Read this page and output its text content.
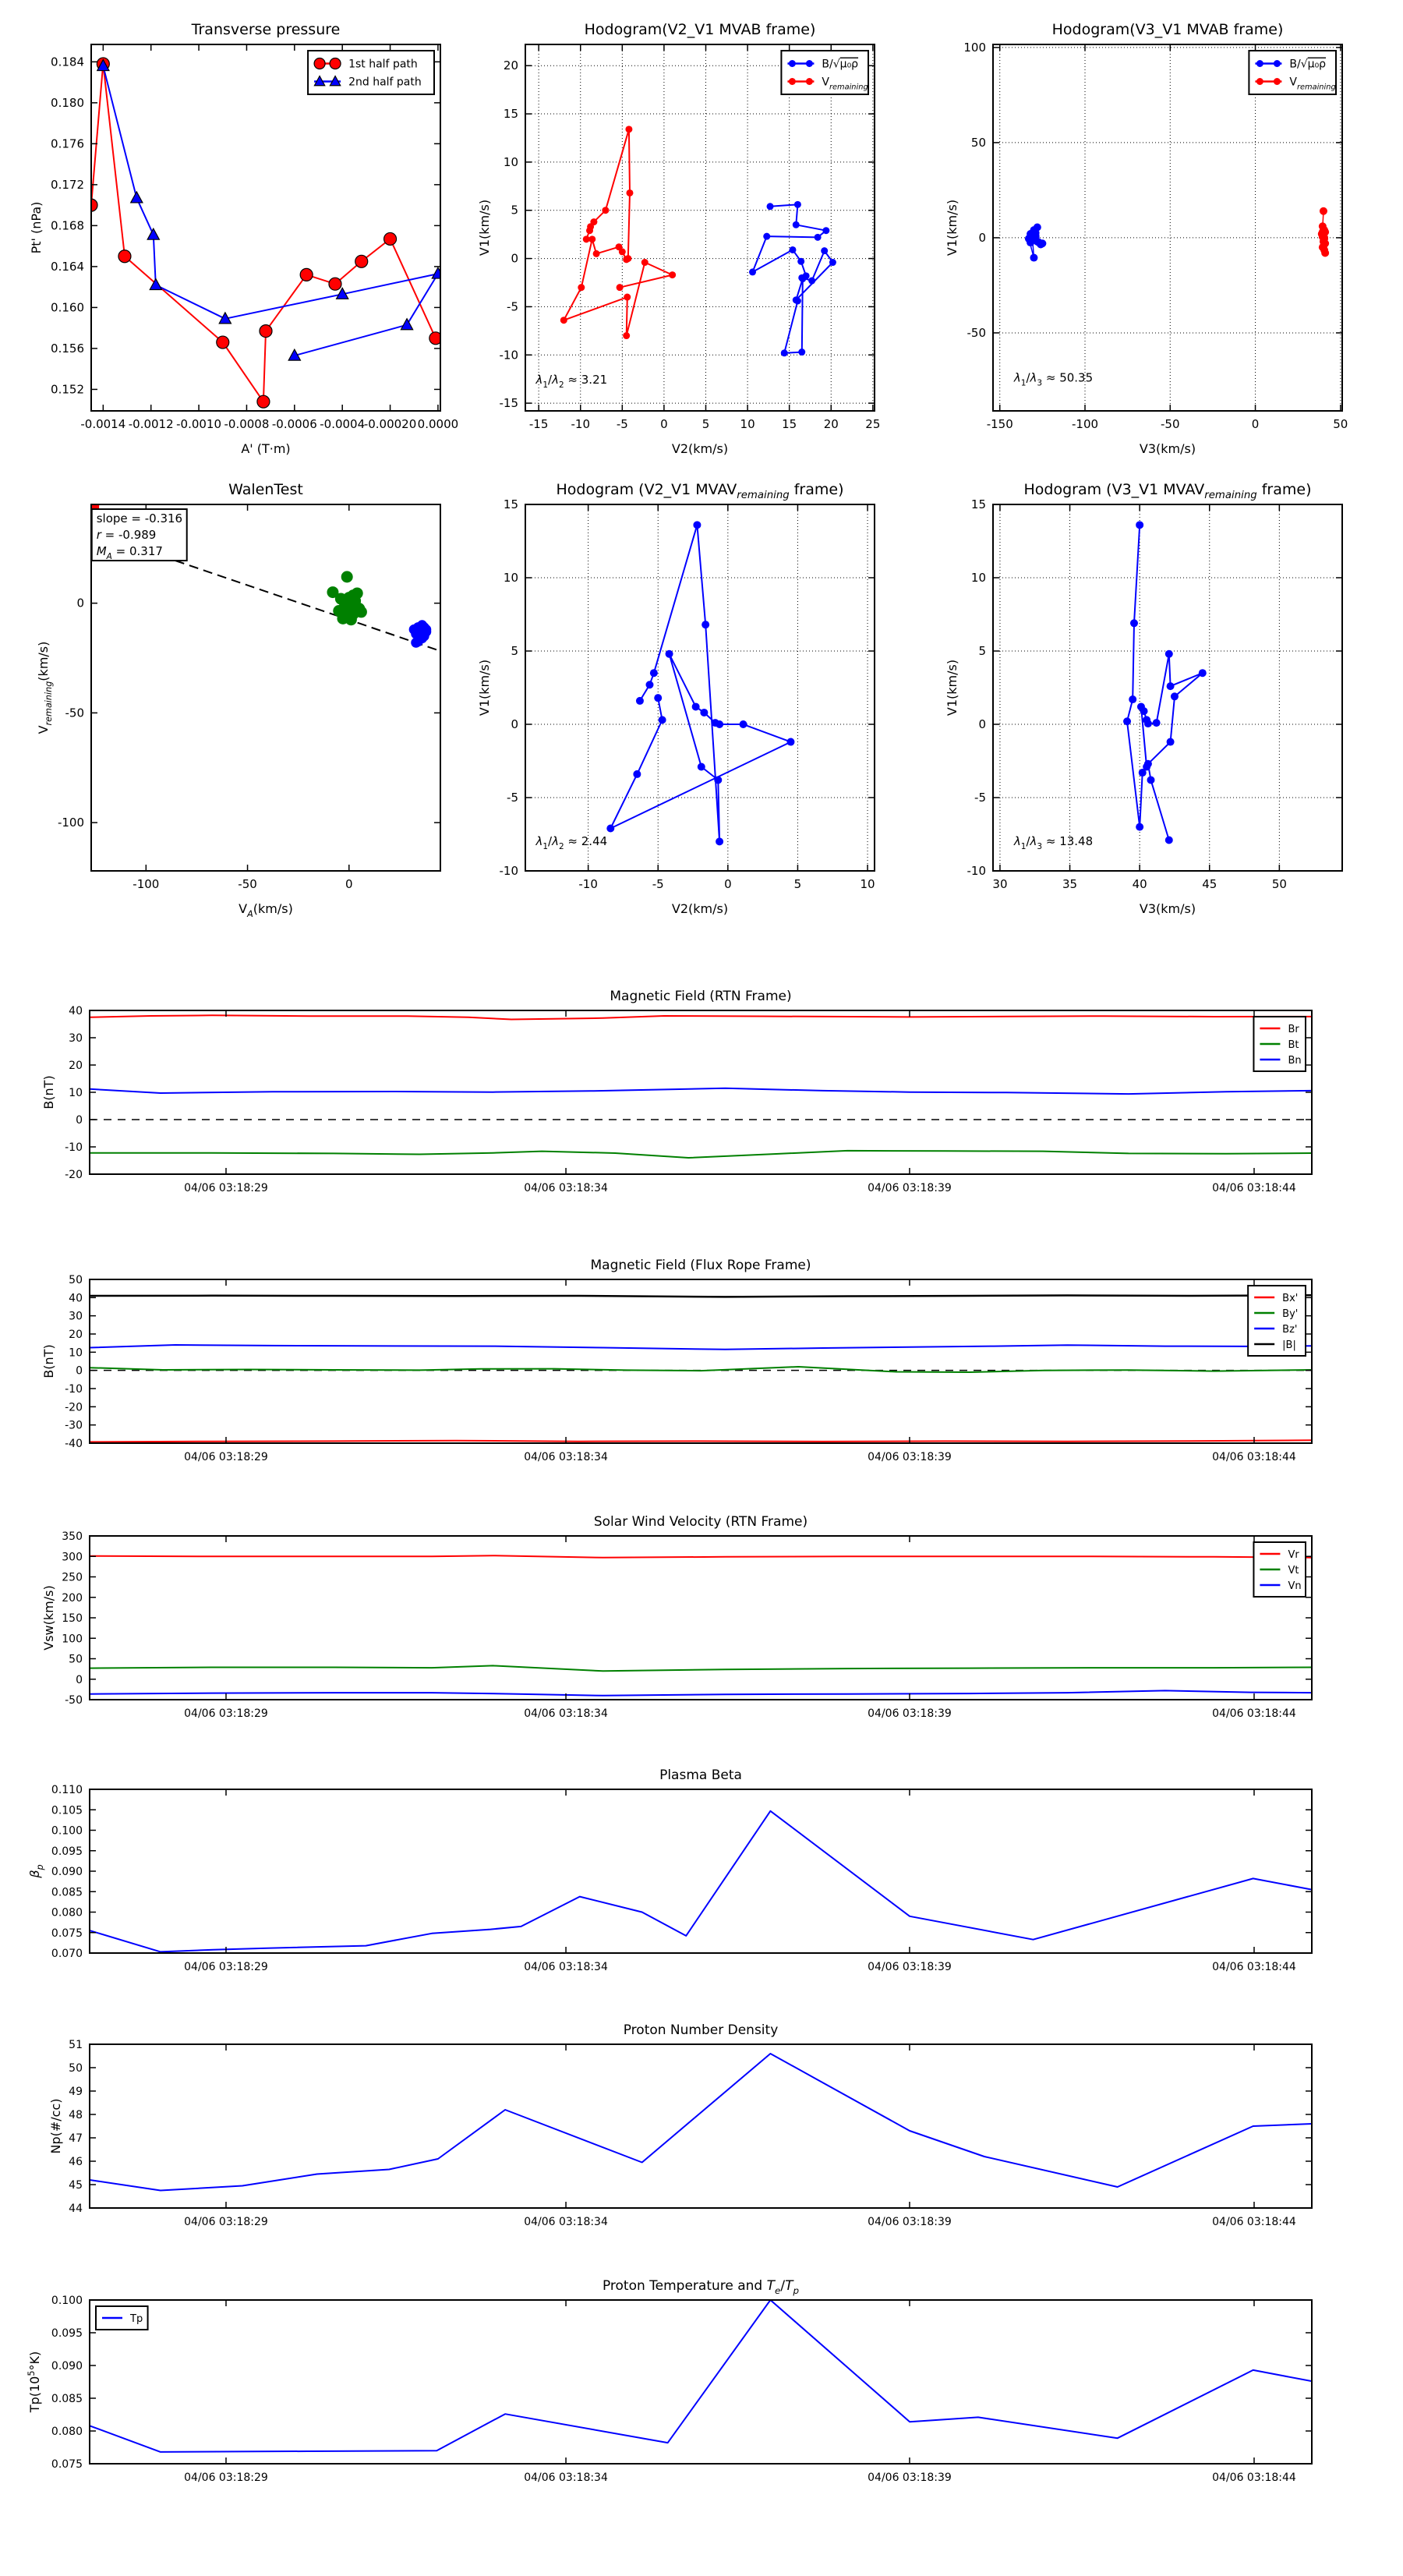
-0.0014 -0.0012 -0.0010 -0.0008 -0.0006 -0.0004
-0.00020 0.0000
0.152
0.156
0.160
0.164
0.168
0.172
0.176
0.180
0.184
A' (T·m)
Pt' (nPa)
Transverse pressure
1st half path
2nd half path
-15 -10 -5	0	5	10 15 20 25
-15
-10
-5
0
5
10
15
20
V2(km/s)
V1(km/s)
Hodogram(V2_V1 MVAB frame)
$\lambda_1/\lambda_2 \approx 3.21$
B/√μ₀ρ
$V_{remaining}$
-150	-100	-50	0	50
-50
0
50
100
V3(km/s)
V1(km/s)
Hodogram(V3_V1 MVAB frame)
$\lambda_1/\lambda_3 \approx 50.35$
B/√μ₀ρ
$V_{remaining}$
-100	-50	0
0
-50
-100
$V_A(km/s)$
$V_{remaining}(km/s)$
WalenTest
slope = -0.316
r = -0.989
$M_A = 0.317$
-10	-5	0	5	10
-10
-5
0
5
10
15
V2(km/s)
V1(km/s)
Hodogram (V2_V1 $MVAV_{remaining}$ frame)
$\lambda_1/\lambda_2 \approx 2.44$
30	35	40	45	50
-10
-5
0
5
10
15
V3(km/s)
V1(km/s)
Hodogram (V3_V1 $MVAV_{remaining}$ frame)
$\lambda_1/\lambda_3 \approx 13.48$
04/06 03:18:29	04/06 03:18:34	04/06 03:18:39	04/06 03:18:44
-20
-10
0
10
20
30
40
B(nT)
Magnetic Field (RTN Frame)
Br
Bt
Bn
04/06 03:18:29	04/06 03:18:34	04/06 03:18:39	04/06 03:18:44
-40
-30
-20
-10
0
10
20
30
40
50
B(nT)
Magnetic Field (Flux Rope Frame)
Bx'
By'
Bz'
|B|
04/06 03:18:29	04/06 03:18:34	04/06 03:18:39	04/06 03:18:44
-50
0
50
100
150
200
250
300
350
Vsw(km/s)
Solar Wind Velocity (RTN Frame)
Vr
Vt
Vn
04/06 03:18:29	04/06 03:18:34	04/06 03:18:39	04/06 03:18:44
0.070
0.075
0.080
0.085
0.090
0.095
0.100
0.105
0.110
$\beta_p$
Plasma Beta
04/06 03:18:29	04/06 03:18:34	04/06 03:18:39	04/06 03:18:44
44
45
46
47
48
49
50
51
Np(#/cc)
Proton Number Density
04/06 03:18:29	04/06 03:18:34	04/06 03:18:39	04/06 03:18:44
0.075
0.080
0.085
0.090
0.095
0.100
$Tp(10^5^\circ K)$
Proton Temperature and $T_e/T_p$
Tp
